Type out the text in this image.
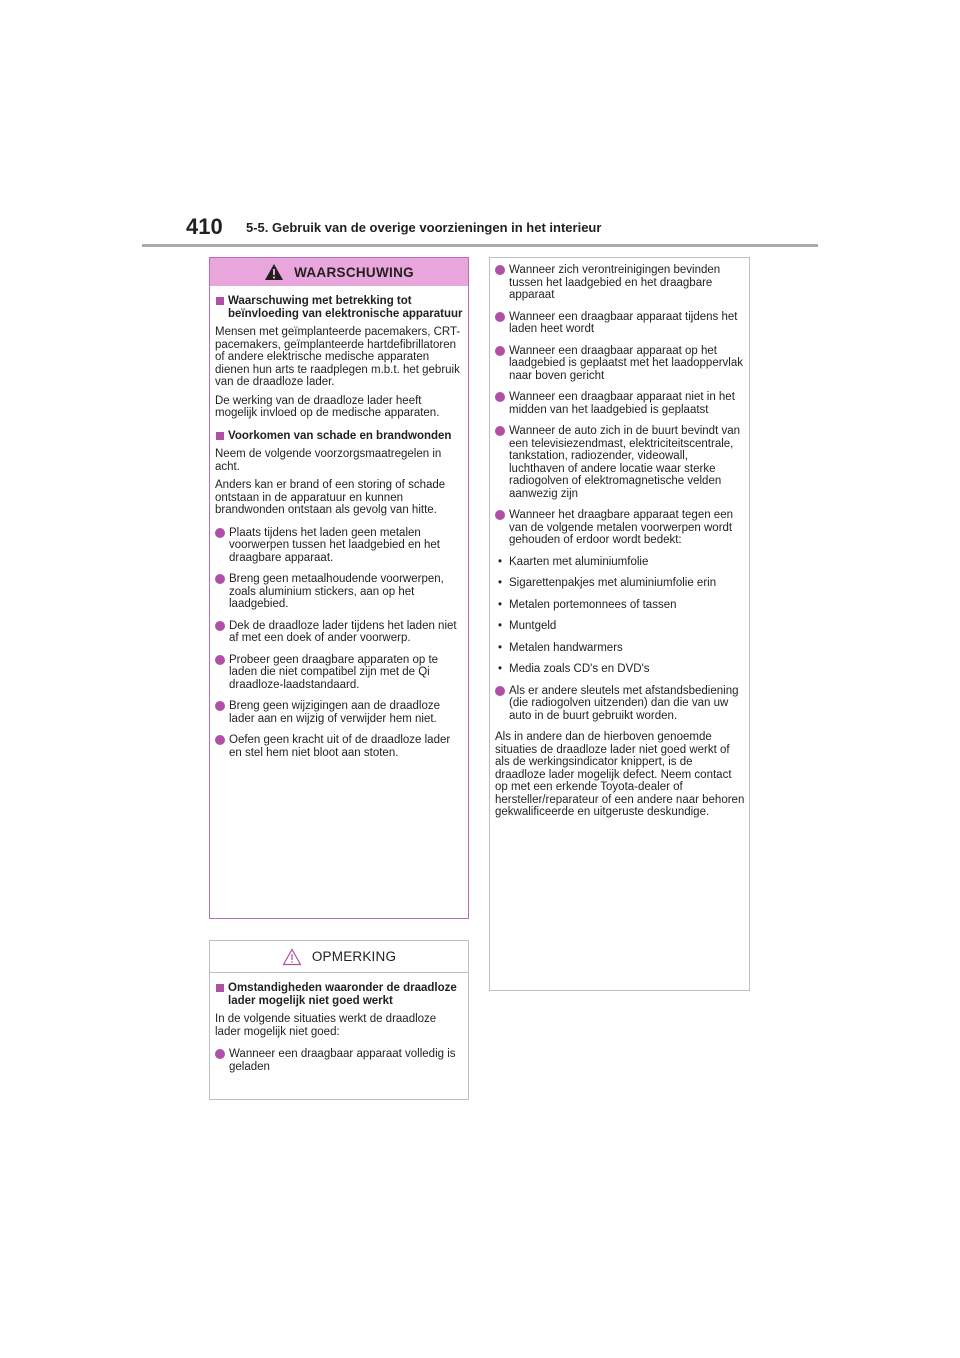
410 5-5. Gebruik van de overige voorzieningen in het interieur
WAARSCHUWING
Waarschuwing met betrekking tot beïnvloeding van elektronische apparatuur
Mensen met geïmplanteerde pacemakers, CRT-pacemakers, geïmplanteerde hartdefibrillatoren of andere elektrische medische apparaten dienen hun arts te raadplegen m.b.t. het gebruik van de draadloze lader.
De werking van de draadloze lader heeft mogelijk invloed op de medische apparaten.
Voorkomen van schade en brandwonden
Neem de volgende voorzorgsmaatregelen in acht.
Anders kan er brand of een storing of schade ontstaan in de apparatuur en kunnen brandwonden ontstaan als gevolg van hitte.
Plaats tijdens het laden geen metalen voorwerpen tussen het laadgebied en het draagbare apparaat.
Breng geen metaalhoudende voorwerpen, zoals aluminium stickers, aan op het laadgebied.
Dek de draadloze lader tijdens het laden niet af met een doek of ander voorwerp.
Probeer geen draagbare apparaten op te laden die niet compatibel zijn met de Qi draadloze-laadstandaard.
Breng geen wijzigingen aan de draadloze lader aan en wijzig of verwijder hem niet.
Oefen geen kracht uit of de draadloze lader en stel hem niet bloot aan stoten.
OPMERKING
Omstandigheden waaronder de draadloze lader mogelijk niet goed werkt
In de volgende situaties werkt de draadloze lader mogelijk niet goed:
Wanneer een draagbaar apparaat volledig is geladen
Wanneer zich verontreinigingen bevinden tussen het laadgebied en het draagbare apparaat
Wanneer een draagbaar apparaat tijdens het laden heet wordt
Wanneer een draagbaar apparaat op het laadgebied is geplaatst met het laadoppervlak naar boven gericht
Wanneer een draagbaar apparaat niet in het midden van het laadgebied is geplaatst
Wanneer de auto zich in de buurt bevindt van een televisiezendmast, elektriciteitscentrale, tankstation, radiozender, videowall, luchthaven of andere locatie waar sterke radiogolven of elektromagnetische velden aanwezig zijn
Wanneer het draagbare apparaat tegen een van de volgende metalen voorwerpen wordt gehouden of erdoor wordt bedekt:
• Kaarten met aluminiumfolie
• Sigarettenpakjes met aluminiumfolie erin
• Metalen portemonnees of tassen
• Muntgeld
• Metalen handwarmers
• Media zoals CD's en DVD's
Als er andere sleutels met afstandsbediening (die radiogolven uitzenden) dan die van uw auto in de buurt gebruikt worden.
Als in andere dan de hierboven genoemde situaties de draadloze lader niet goed werkt of als de werkingsindicator knippert, is de draadloze lader mogelijk defect. Neem contact op met een erkende Toyota-dealer of hersteller/reparateur of een andere naar behoren gekwalificeerde en uitgeruste deskundige.
